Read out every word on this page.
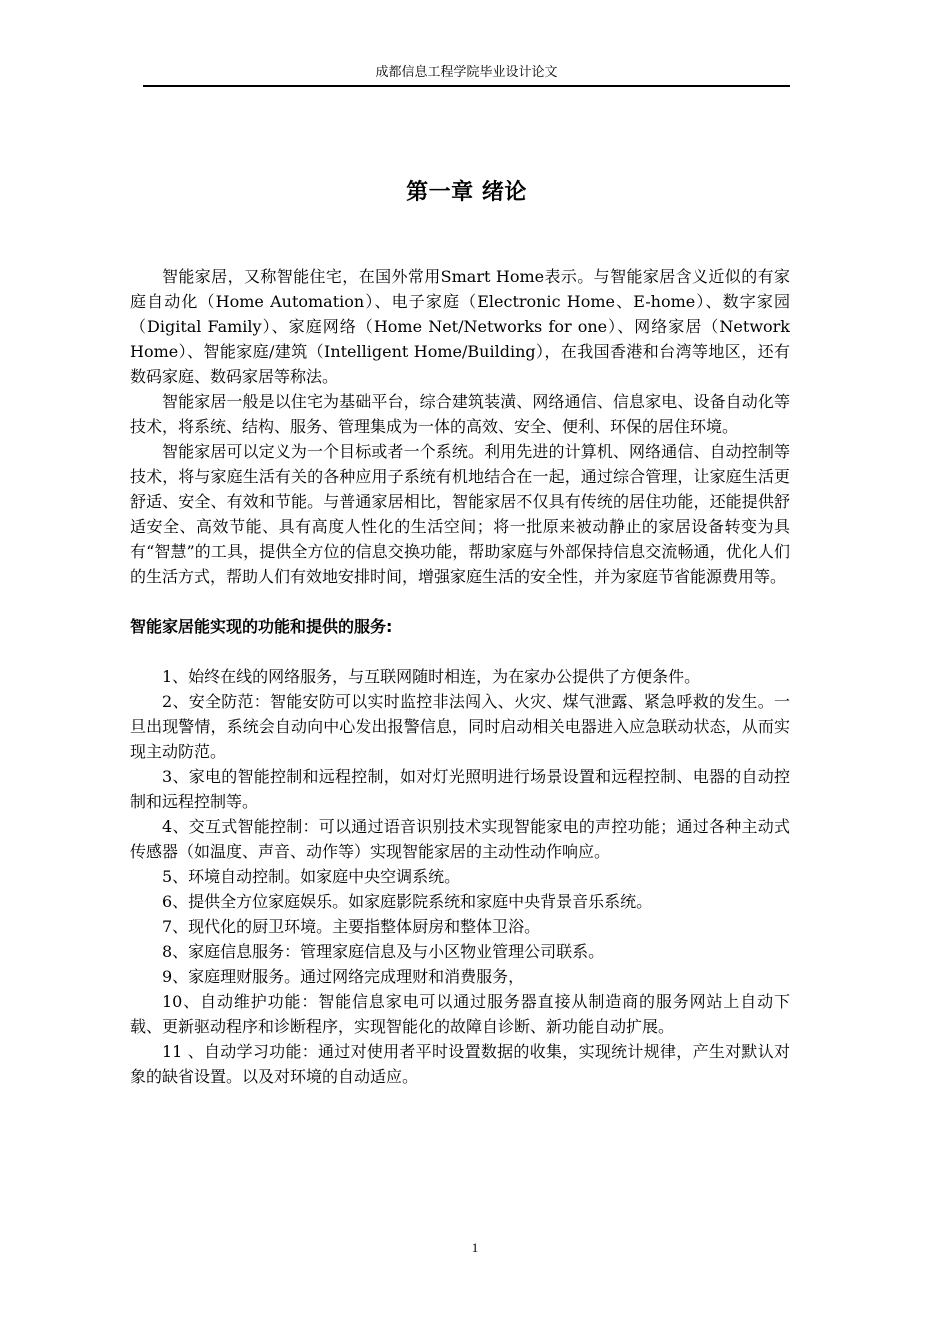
成都信息工程学院毕业设计论文
第一章 绪论

智能家居，又称智能住宅，在国外常用Smart Home表示。与智能家居含义近似的有家庭自动化（Home Automation）、电子家庭（Electronic Home、E-home）、数字家园（Digital Family）、家庭网络（Home Net/Networks for one）、网络家居（Network Home）、智能家庭/建筑（Intelligent Home/Building），在我国香港和台湾等地区，还有数码家庭、数码家居等称法。

智能家居一般是以住宅为基础平台，综合建筑装潢、网络通信、信息家电、设备自动化等技术，将系统、结构、服务、管理集成为一体的高效、安全、便利、环保的居住环境。

智能家居可以定义为一个目标或者一个系统。利用先进的计算机、网络通信、自动控制等技术，将与家庭生活有关的各种应用子系统有机地结合在一起，通过综合管理，让家庭生活更舒适、安全、有效和节能。与普通家居相比，智能家居不仅具有传统的居住功能，还能提供舒适安全、高效节能、具有高度人性化的生活空间；将一批原来被动静止的家居设备转变为具有“智慧”的工具，提供全方位的信息交换功能，帮助家庭与外部保持信息交流畅通，优化人们的生活方式，帮助人们有效地安排时间，增强家庭生活的安全性，并为家庭节省能源费用等。

智能家居能实现的功能和提供的服务:

1、始终在线的网络服务，与互联网随时相连，为在家办公提供了方便条件。

2、安全防范：智能安防可以实时监控非法闯入、火灾、煤气泄露、紧急呼救的发生。一旦出现警情，系统会自动向中心发出报警信息，同时启动相关电器进入应急联动状态，从而实现主动防范。

3、家电的智能控制和远程控制，如对灯光照明进行场景设置和远程控制、电器的自动控制和远程控制等。

4、交互式智能控制：可以通过语音识别技术实现智能家电的声控功能；通过各种主动式传感器（如温度、声音、动作等）实现智能家居的主动性动作响应。

5、环境自动控制。如家庭中央空调系统。

6、提供全方位家庭娱乐。如家庭影院系统和家庭中央背景音乐系统。

7、现代化的厨卫环境。主要指整体厨房和整体卫浴。

8、家庭信息服务：管理家庭信息及与小区物业管理公司联系。

9、家庭理财服务。通过网络完成理财和消费服务，

10、自动维护功能：智能信息家电可以通过服务器直接从制造商的服务网站上自动下载、更新驱动程序和诊断程序，实现智能化的故障自诊断、新功能自动扩展。

11 、自动学习功能：通过对使用者平时设置数据的收集，实现统计规律，产生对默认对象的缺省设置。以及对环境的自动适应。

1
